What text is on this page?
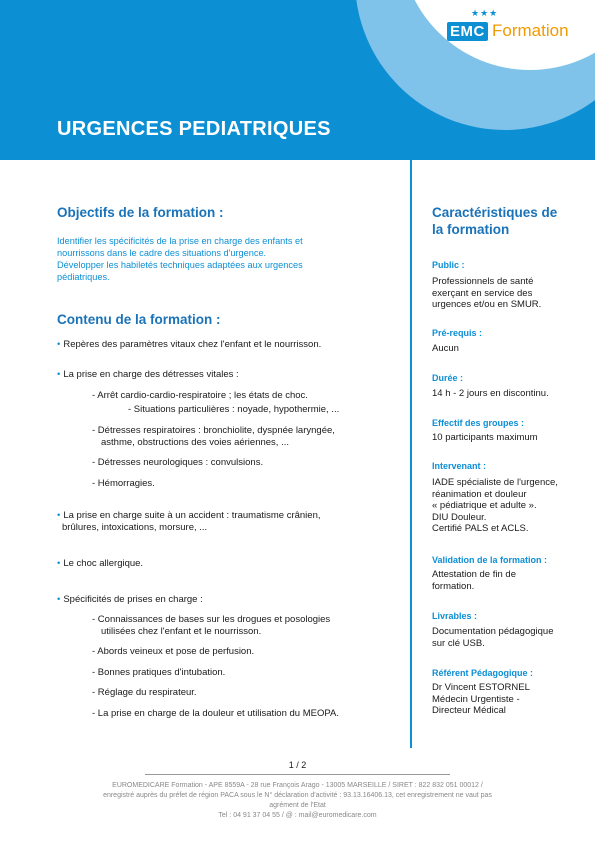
★★★
EMC Formation
URGENCES PEDIATRIQUES
Objectifs de la formation :
Identifier les spécificités de la prise en charge des enfants et
nourrissons dans le cadre des situations d'urgence.
Développer les habiletés techniques adaptées aux urgences
pédiatriques.
Contenu de la formation :
• Repères des paramètres vitaux chez l'enfant et le nourrisson.
• La prise en charge des détresses vitales :
- Arrêt cardio-cardio-respiratoire ; les états de choc.
- Situations particulières : noyade, hypothermie, ...
- Détresses respiratoires : bronchiolite, dyspnée laryngée,
asthme, obstructions des voies aériennes, ...
- Détresses neurologiques : convulsions.
- Hémorragies.
• La prise en charge suite à un accident : traumatisme crânien,
brûlures, intoxications, morsure, ...
• Le choc allergique.
• Spécificités de prises en charge :
- Connaissances de bases sur les drogues et posologies
utilisées chez l'enfant et le nourrisson.
- Abords veineux et pose de perfusion.
- Bonnes pratiques d'intubation.
- Réglage du respirateur.
- La prise en charge de la douleur et utilisation du MEOPA.
Caractéristiques de
la formation
Public :
Professionnels de santé
exerçant en service des
urgences et/ou en SMUR.
Pré-requis :
Aucun
Durée :
14 h - 2 jours en discontinu.
Effectif des groupes :
10 participants maximum
Intervenant :
IADE spécialiste de l'urgence,
réanimation et douleur
« pédiatrique et adulte ».
DIU Douleur.
Certifié PALS et ACLS.
Validation de la formation :
Attestation de fin de
formation.
Livrables :
Documentation pédagogique
sur clé USB.
Référent Pédagogique :
Dr Vincent ESTORNEL
Médecin Urgentiste -
Directeur Médical
1 / 2
EUROMEDICARE Formation - APE 8559A - 28 rue François Arago - 13005 MARSEILLE / SIRET : 822 832 051 00012 /
enregistré auprès du préfet de région PACA sous le N° déclaration d'activité : 93.13.16406.13, cet enregistrement ne vaut pas
agrément de l'Etat
Tel : 04 91 37 04 55 / @ : mail@euromedicare.com
